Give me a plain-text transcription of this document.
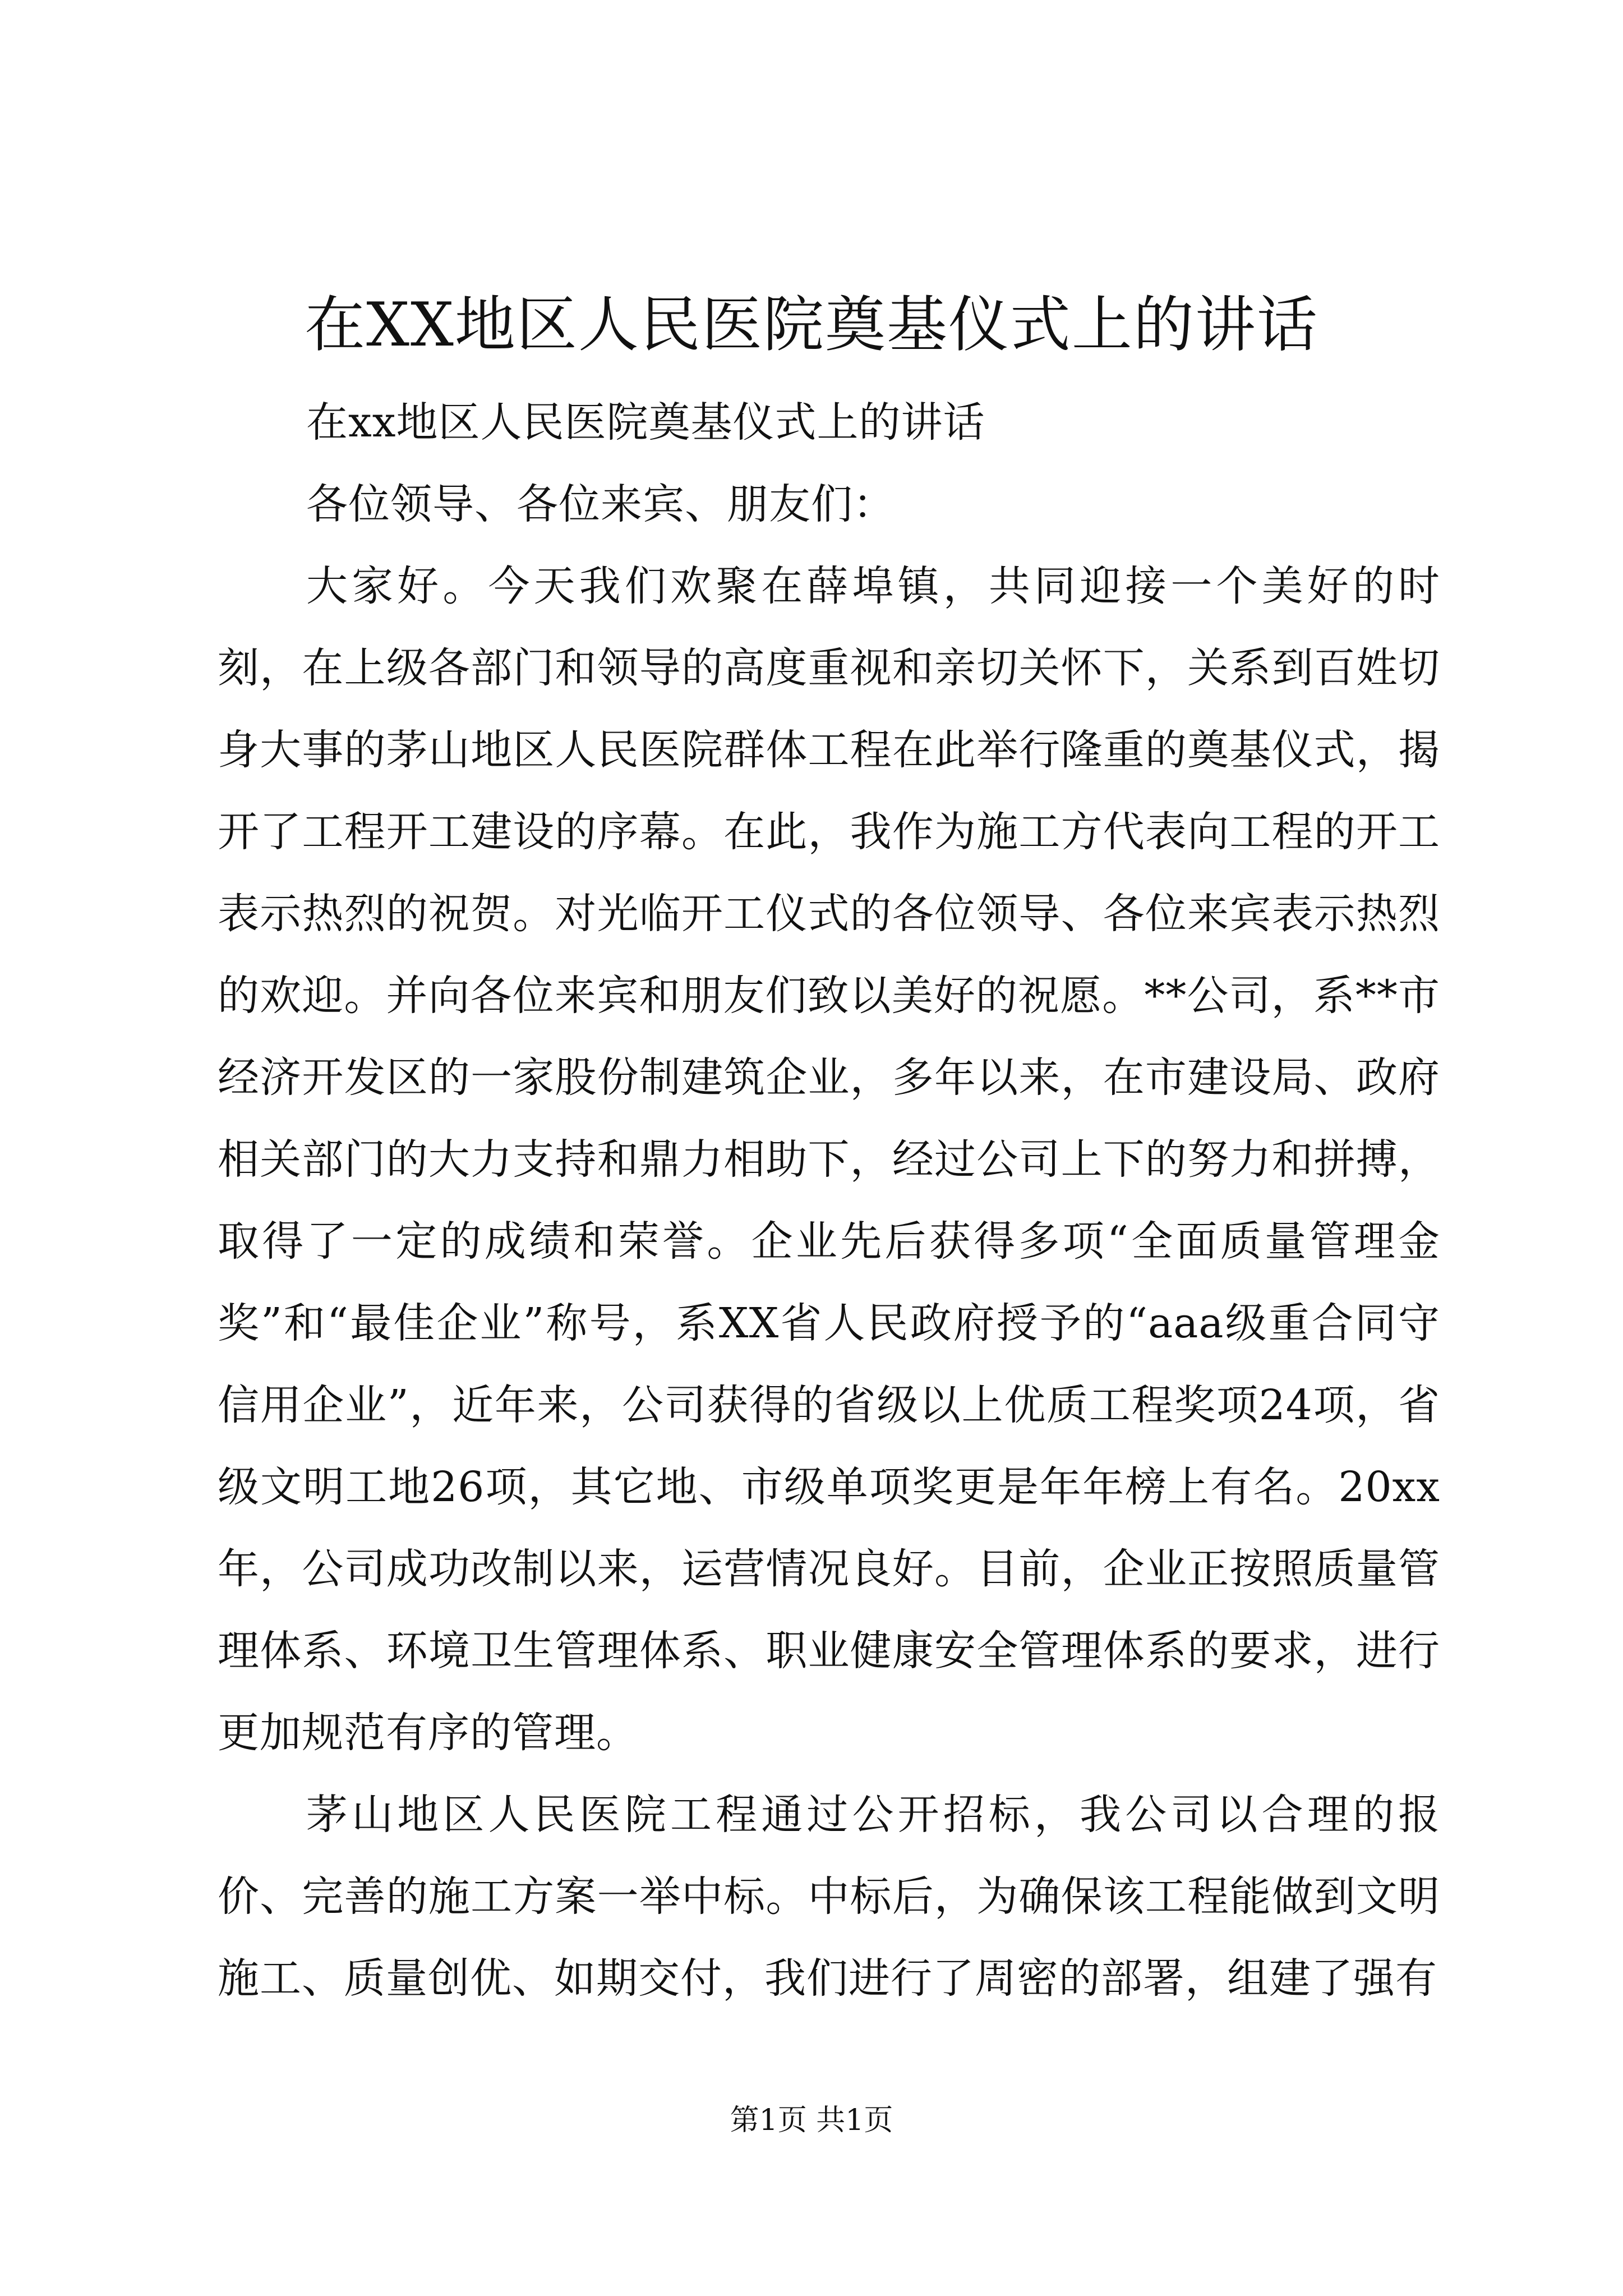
在XX地区人民医院奠基仪式上的讲话

在xx地区人民医院奠基仪式上的讲话

各位领导、各位来宾、朋友们：

大家好。今天我们欢聚在薛埠镇，共同迎接一个美好的时刻，在上级各部门和领导的高度重视和亲切关怀下，关系到百姓切身大事的茅山地区人民医院群体工程在此举行隆重的奠基仪式，揭开了工程开工建设的序幕。在此，我作为施工方代表向工程的开工表示热烈的祝贺。对光临开工仪式的各位领导、各位来宾表示热烈的欢迎。并向各位来宾和朋友们致以美好的祝愿。**公司，系**市经济开发区的一家股份制建筑企业，多年以来，在市建设局、政府相关部门的大力支持和鼎力相助下，经过公司上下的努力和拼搏，取得了一定的成绩和荣誉。企业先后获得多项“全面质量管理金奖”和“最佳企业”称号，系XX省人民政府授予的“aaa级重合同守信用企业”，近年来，公司获得的省级以上优质工程奖项24项，省级文明工地26项，其它地、市级单项奖更是年年榜上有名。20xx年，公司成功改制以来，运营情况良好。目前，企业正按照质量管理体系、环境卫生管理体系、职业健康安全管理体系的要求，进行更加规范有序的管理。

茅山地区人民医院工程通过公开招标，我公司以合理的报价、完善的施工方案一举中标。中标后，为确保该工程能做到文明施工、质量创优、如期交付，我们进行了周密的部署，组建了强有

第1页 共1页
